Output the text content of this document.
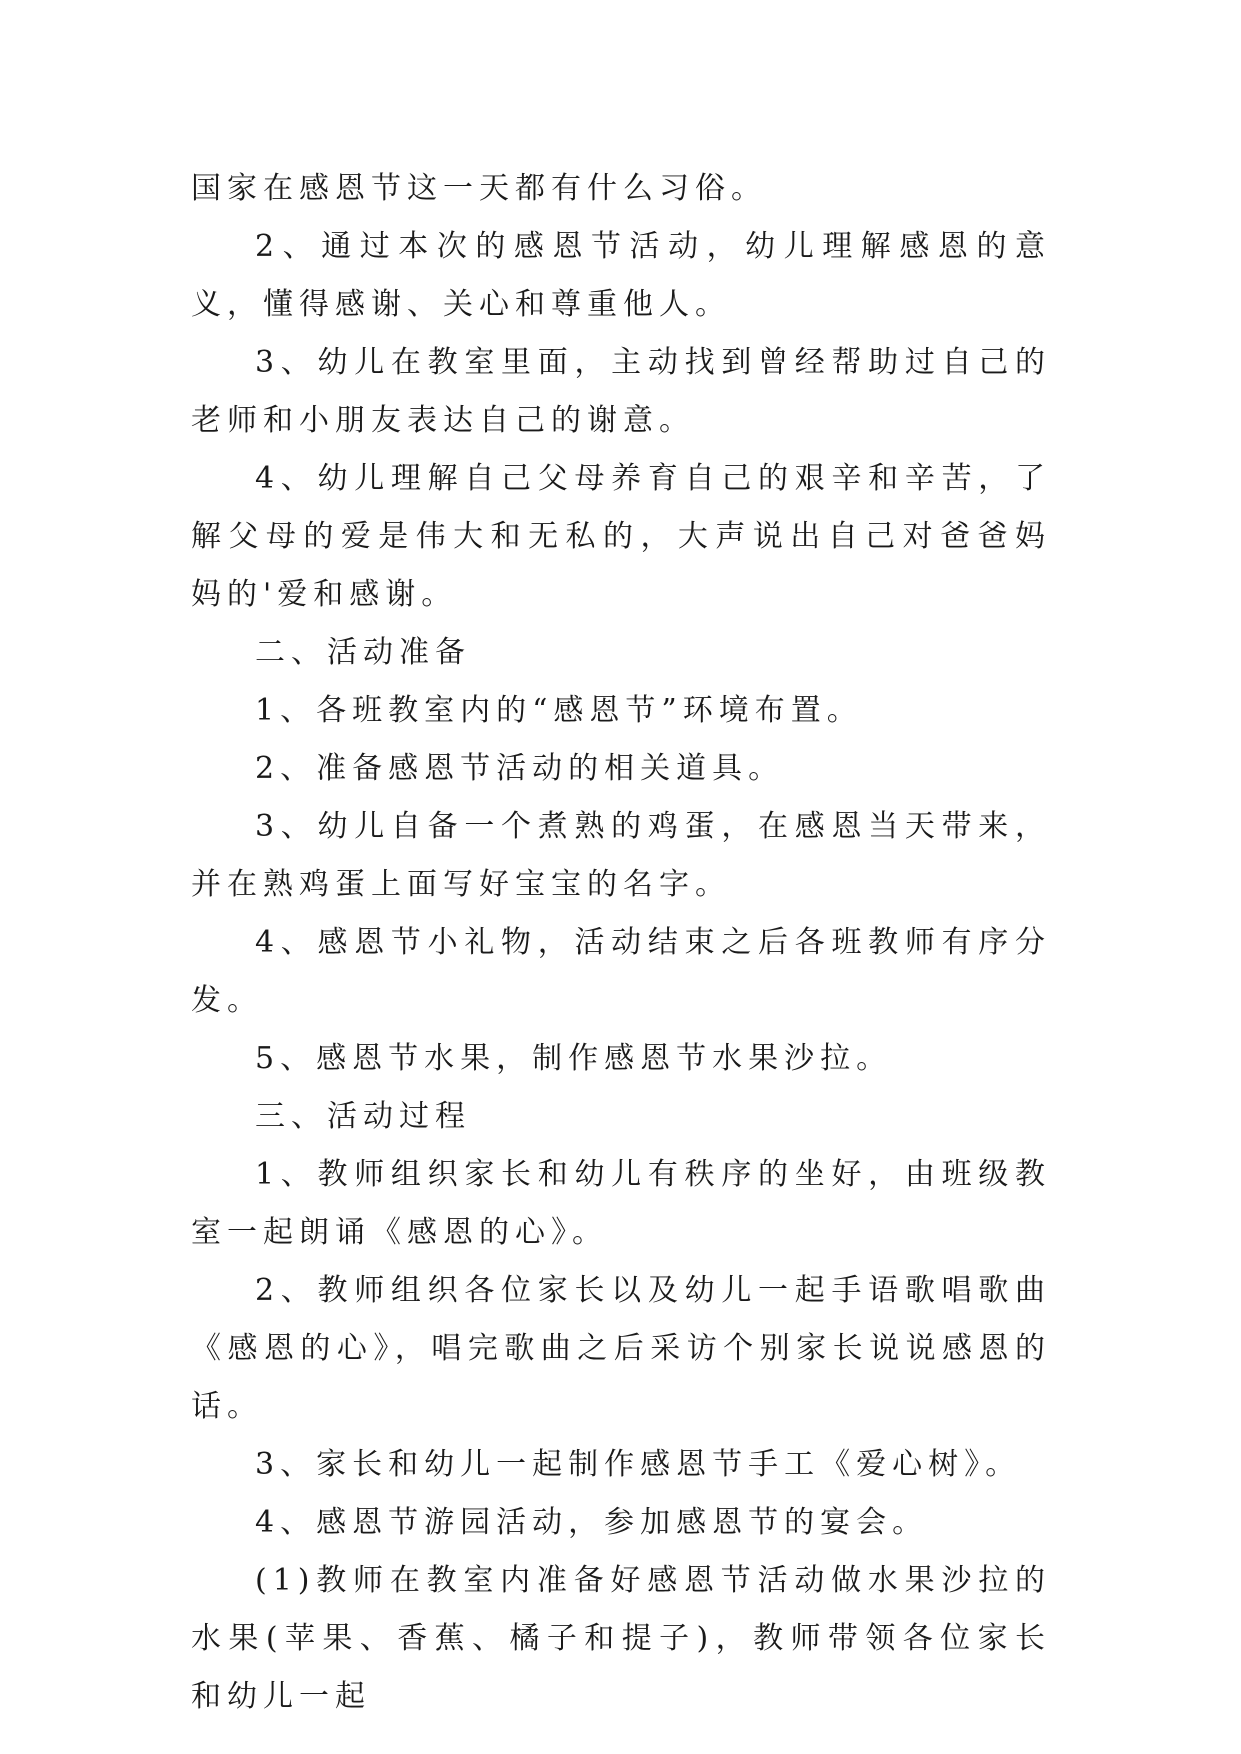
国家在感恩节这一天都有什么习俗。

2、通过本次的感恩节活动，幼儿理解感恩的意义，懂得感谢、关心和尊重他人。

3、幼儿在教室里面，主动找到曾经帮助过自己的老师和小朋友表达自己的谢意。

4、幼儿理解自己父母养育自己的艰辛和辛苦，了解父母的爱是伟大和无私的，大声说出自己对爸爸妈妈的'爱和感谢。

二、活动准备

1、各班教室内的“感恩节”环境布置。

2、准备感恩节活动的相关道具。

3、幼儿自备一个煮熟的鸡蛋，在感恩当天带来，并在熟鸡蛋上面写好宝宝的名字。

4、感恩节小礼物，活动结束之后各班教师有序分发。

5、感恩节水果，制作感恩节水果沙拉。

三、活动过程

1、教师组织家长和幼儿有秩序的坐好，由班级教室一起朗诵《感恩的心》。

2、教师组织各位家长以及幼儿一起手语歌唱歌曲《感恩的心》，唱完歌曲之后采访个别家长说说感恩的话。

3、家长和幼儿一起制作感恩节手工《爱心树》。

4、感恩节游园活动，参加感恩节的宴会。

(1)教师在教室内准备好感恩节活动做水果沙拉的水果(苹果、香蕉、橘子和提子)，教师带领各位家长和幼儿一起
